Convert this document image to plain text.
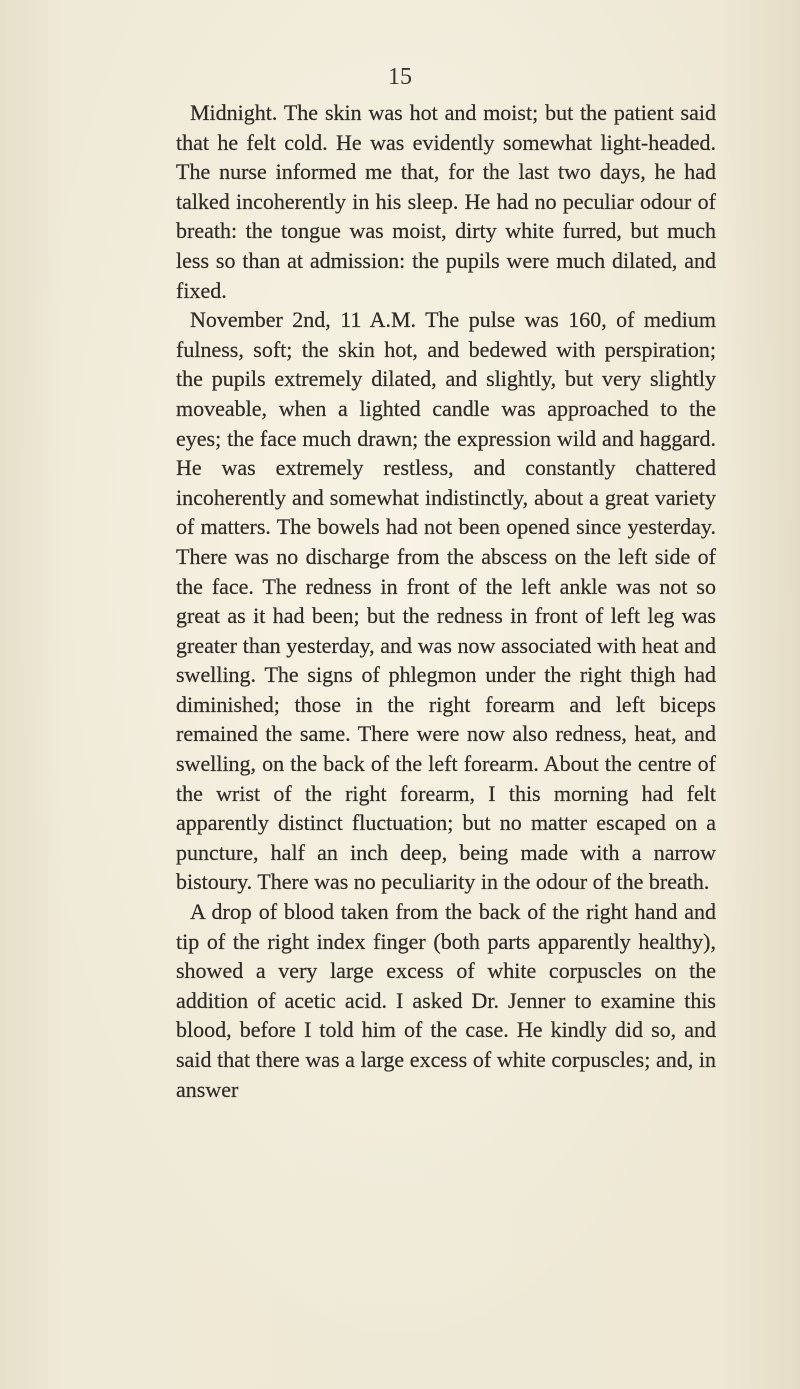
15

Midnight. The skin was hot and moist; but the patient said that he felt cold. He was evidently somewhat light-headed. The nurse informed me that, for the last two days, he had talked incoherently in his sleep. He had no peculiar odour of breath: the tongue was moist, dirty white furred, but much less so than at admission: the pupils were much dilated, and fixed.

November 2nd, 11 A.M. The pulse was 160, of medium fulness, soft; the skin hot, and bedewed with perspiration; the pupils extremely dilated, and slightly, but very slightly moveable, when a lighted candle was approached to the eyes; the face much drawn; the expression wild and haggard. He was extremely restless, and constantly chattered incoherently and somewhat indistinctly, about a great variety of matters. The bowels had not been opened since yesterday. There was no discharge from the abscess on the left side of the face. The redness in front of the left ankle was not so great as it had been; but the redness in front of left leg was greater than yesterday, and was now associated with heat and swelling. The signs of phlegmon under the right thigh had diminished; those in the right forearm and left biceps remained the same. There were now also redness, heat, and swelling, on the back of the left forearm. About the centre of the wrist of the right forearm, I this morning had felt apparently distinct fluctuation; but no matter escaped on a puncture, half an inch deep, being made with a narrow bistoury. There was no peculiarity in the odour of the breath.

A drop of blood taken from the back of the right hand and tip of the right index finger (both parts apparently healthy), showed a very large excess of white corpuscles on the addition of acetic acid. I asked Dr. Jenner to examine this blood, before I told him of the case. He kindly did so, and said that there was a large excess of white corpuscles; and, in answer
